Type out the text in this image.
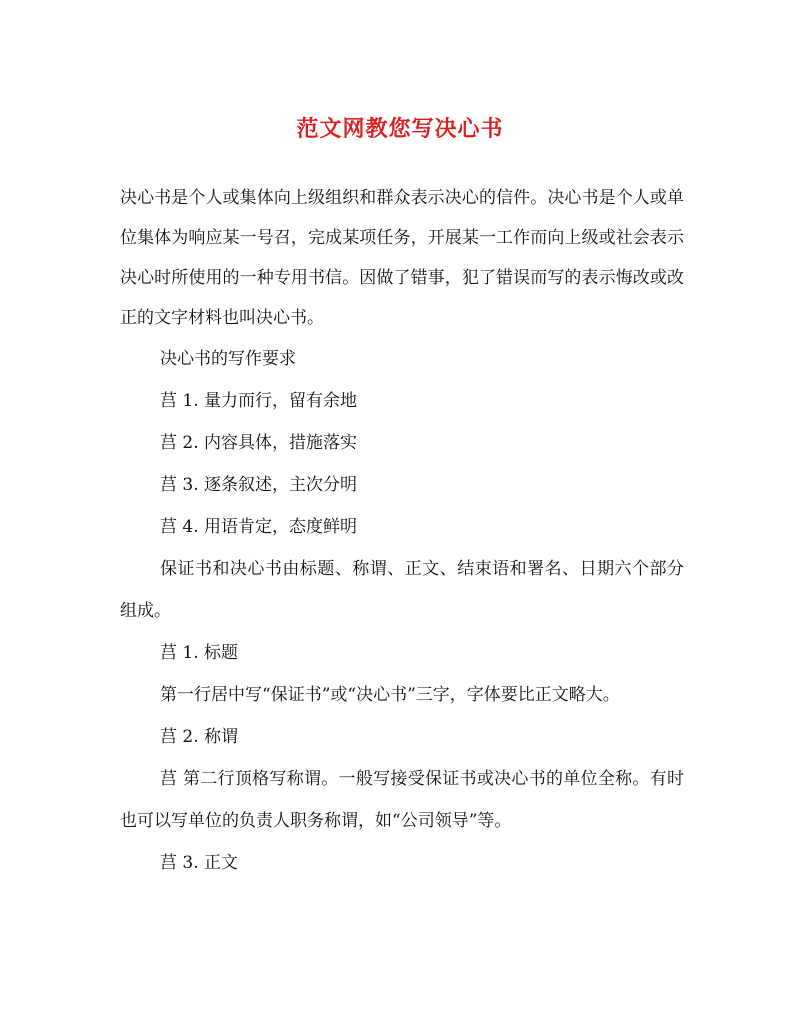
范文网教您写决心书

决心书是个人或集体向上级组织和群众表示决心的信件。决心书是个人或单位集体为响应某一号召，完成某项任务，开展某一工作而向上级或社会表示决心时所使用的一种专用书信。因做了错事，犯了错误而写的表示悔改或改正的文字材料也叫决心书。

决心书的写作要求

莒 1. 量力而行，留有余地

莒 2. 内容具体，措施落实

莒 3. 逐条叙述，主次分明

莒 4. 用语肯定，态度鲜明

保证书和决心书由标题、称谓、正文、结束语和署名、日期六个部分组成。

莒 1. 标题

第一行居中写“保证书”或“决心书”三字，字体要比正文略大。

莒 2. 称谓

莒 第二行顶格写称谓。一般写接受保证书或决心书的单位全称。有时也可以写单位的负责人职务称谓，如“公司领导”等。

莒 3. 正文
